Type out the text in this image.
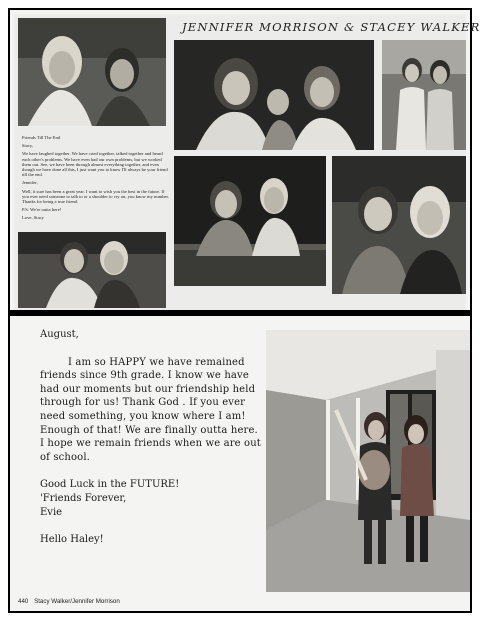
JENNIFER MORRISON & STACEY WALKER

Friends Till The End

Stacy,

We have laughed together. We have cried together, talked together and heard each other's problems. We have even had our own problems, but we worked them out. See, we have been through almost everything together, and even though we have done all this, I just want you to know I'll always be your friend till the end.

Jennifer,

Well, it sure has been a great year. I want to wish you the best in the future. If you ever need someone to talk to or a shoulder to cry on, you know my number. Thanks for being a true friend.

P.S. We're outta here!

Love, Stacy

August,
I am so HAPPY we have remained friends since 9th grade. I know we have had our moments but our friendship held through for us! Thank God . If you ever need something, you know where I am! Enough of that! We are finally outta here. I hope we remain friends when we are out of school.
Good Luck in the FUTURE!
'Friends Forever,
Evie
Hello Haley!
440 Stacy Walker/Jennifer Morrison
